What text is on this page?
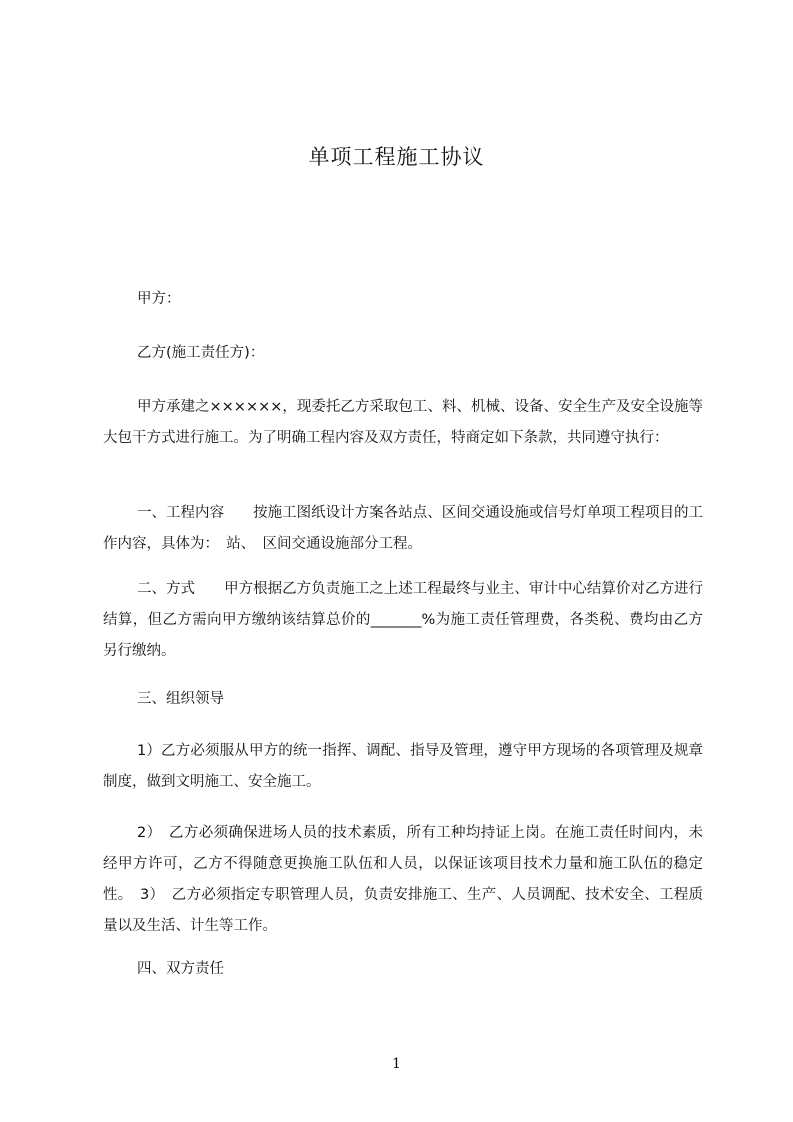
单项工程施工协议
甲方：
乙方(施工责任方)：
甲方承建之××××××，现委托乙方采取包工、料、机械、设备、安全生产及安全设施等大包干方式进行施工。为了明确工程内容及双方责任，特商定如下条款，共同遵守执行：
一、工程内容　　按施工图纸设计方案各站点、区间交通设施或信号灯单项工程项目的工作内容，具体为：　站、　区间交通设施部分工程。
二、方式　　甲方根据乙方负责施工之上述工程最终与业主、审计中心结算价对乙方进行结算，但乙方需向甲方缴纳该结算总价的_______%为施工责任管理费，各类税、费均由乙方另行缴纳。
三、组织领导
1）乙方必须服从甲方的统一指挥、调配、指导及管理，遵守甲方现场的各项管理及规章制度，做到文明施工、安全施工。
2）　乙方必须确保进场人员的技术素质，所有工种均持证上岗。在施工责任时间内，未经甲方许可，乙方不得随意更换施工队伍和人员，以保证该项目技术力量和施工队伍的稳定性。　3）　乙方必须指定专职管理人员，负责安排施工、生产、人员调配、技术安全、工程质量以及生活、计生等工作。
四、双方责任
1
